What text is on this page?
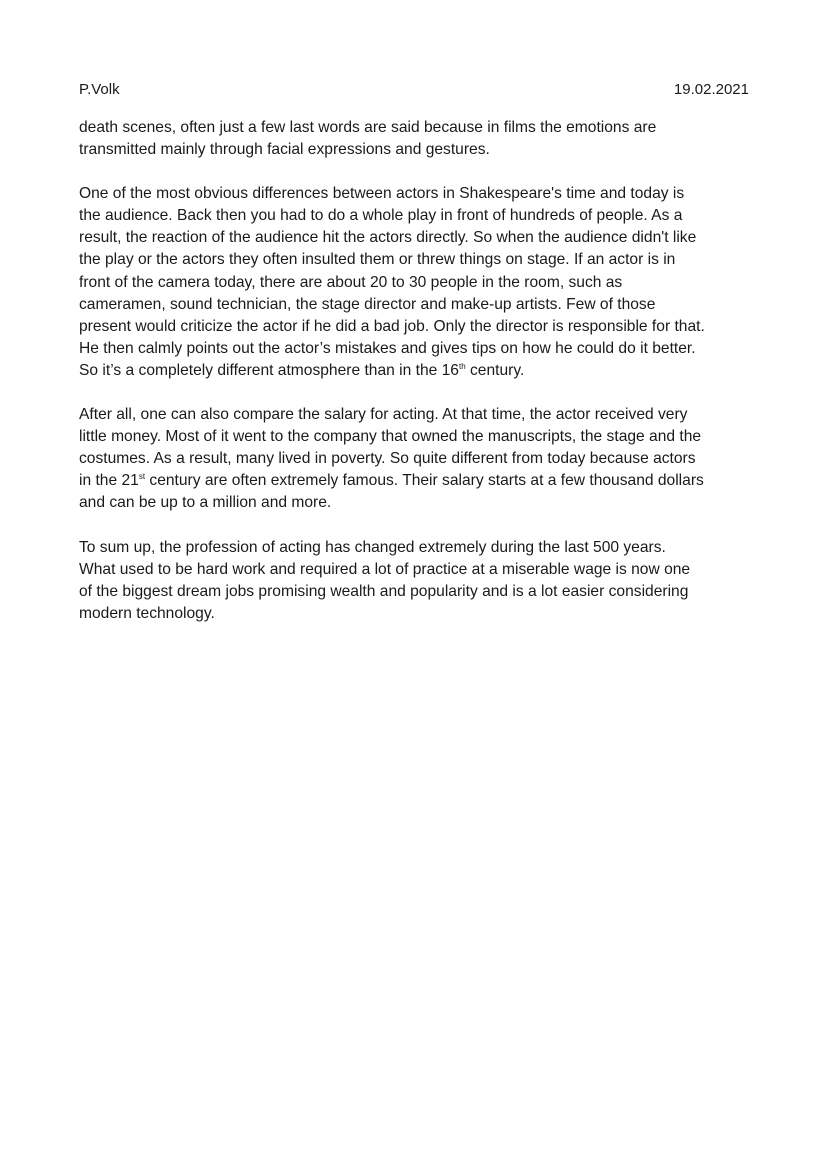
P.Volk	19.02.2021

death scenes, often just a few last words are said because in films the emotions are
transmitted mainly through facial expressions and gestures.

One of the most obvious differences between actors in Shakespeare's time and today is
the audience. Back then you had to do a whole play in front of hundreds of people. As a
result, the reaction of the audience hit the actors directly. So when the audience didn't like
the play or the actors they often insulted them or threw things on stage. If an actor is in
front of the camera today, there are about 20 to 30 people in the room, such as
cameramen, sound technician, the stage director and make-up artists. Few of those
present would criticize the actor if he did a bad job. Only the director is responsible for that.
He then calmly points out the actor’s mistakes and gives tips on how he could do it better.
So it’s a completely different atmosphere than in the 16th century.

After all, one can also compare the salary for acting. At that time, the actor received very
little money. Most of it went to the company that owned the manuscripts, the stage and the
costumes. As a result, many lived in poverty. So quite different from today because actors
in the 21st century are often extremely famous. Their salary starts at a few thousand dollars
and can be up to a million and more.

To sum up, the profession of acting has changed extremely during the last 500 years.
What used to be hard work and required a lot of practice at a miserable wage is now one
of the biggest dream jobs promising wealth and popularity and is a lot easier considering
modern technology.
